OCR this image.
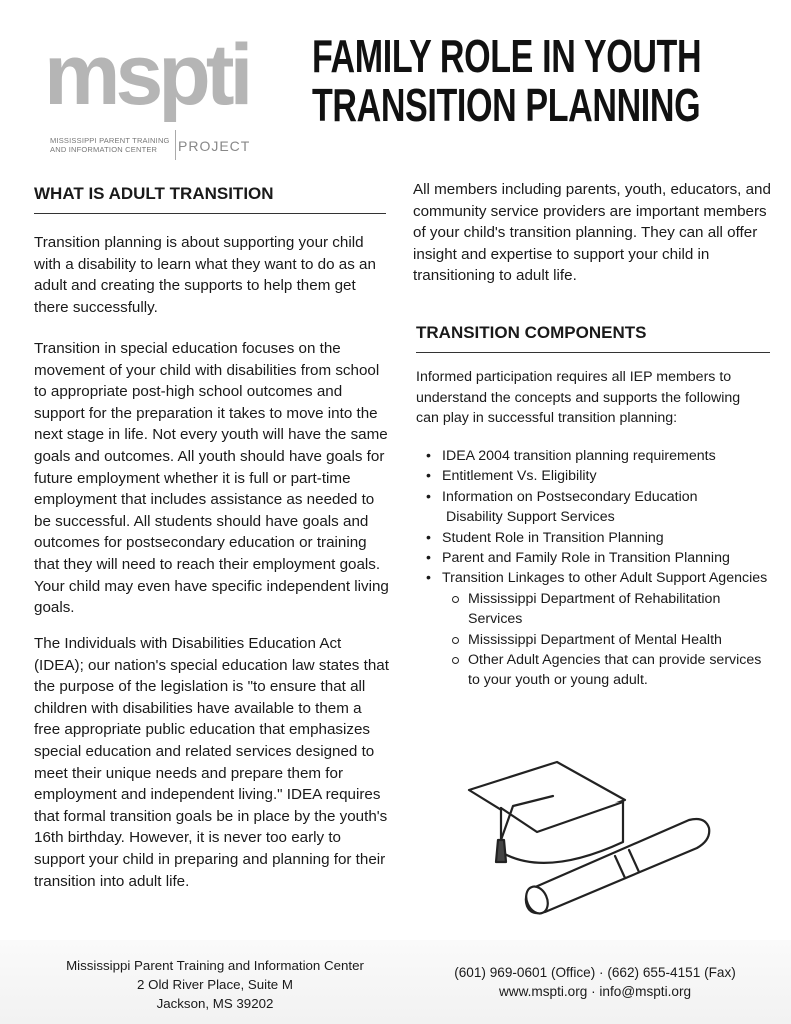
mspti
MISSISSIPPI PARENT TRAINING AND INFORMATION CENTER	PROJECT
FAMILY ROLE IN YOUTH
TRANSITION PLANNING
WHAT IS ADULT TRANSITION

Transition planning is about supporting your child with a disability to learn what they want to do as an adult and creating the supports to help them get there successfully.

Transition in special education focuses on the movement of your child with disabilities from school to appropriate post-high school outcomes and support for the preparation it takes to move into the next stage in life. Not every youth will have the same goals and outcomes. All youth should have goals for future employment whether it is full or part-time employment that includes assistance as needed to be successful. All students should have goals and outcomes for postsecondary education or training that they will need to reach their employment goals. Your child may even have specific independent living goals.

The Individuals with Disabilities Education Act (IDEA); our nation's special education law states that the purpose of the legislation is "to ensure that all children with disabilities have available to them a free appropriate public education that emphasizes special education and related services designed to meet their unique needs and prepare them for employment and independent living." IDEA requires that formal transition goals be in place by the youth's 16th birthday. However, it is never too early to support your child in preparing and planning for their transition into adult life.

All members including parents, youth, educators, and community service providers are important members of your child's transition planning. They can all offer insight and expertise to support your child in transitioning to adult life.

TRANSITION COMPONENTS

Informed participation requires all IEP members to understand the concepts and supports the following can play in successful transition planning:

• IDEA 2004 transition planning requirements
• Entitlement Vs. Eligibility
• Information on Postsecondary Education
Disability Support Services
• Student Role in Transition Planning
• Parent and Family Role in Transition Planning
• Transition Linkages to other Adult Support Agencies
Mississippi Department of Rehabilitation Services
Mississippi Department of Mental Health
Other Adult Agencies that can provide services to your youth or young adult.
Mississippi Parent Training and Information Center
2 Old River Place, Suite M
Jackson, MS 39202
(601) 969-0601 (Office) · (662) 655-4151 (Fax)
www.mspti.org · info@mspti.org
